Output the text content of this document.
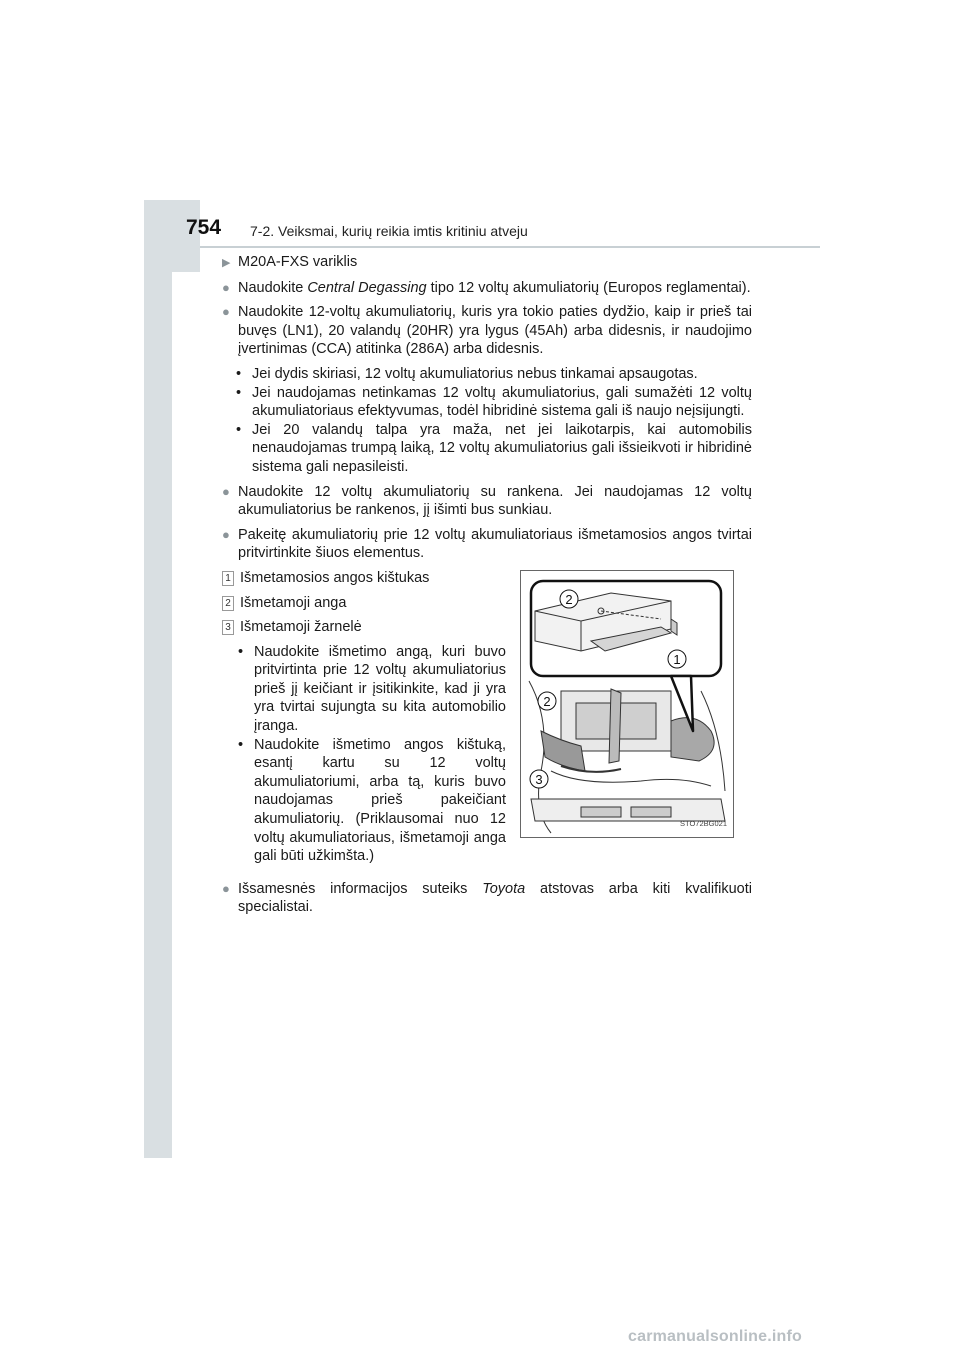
754 7-2. Veiksmai, kurių reikia imtis kritiniu atveju
▶ M20A-FXS variklis
● Naudokite Central Degassing tipo 12 voltų akumuliatorių (Europos reglamentai).
● Naudokite 12-voltų akumuliatorių, kuris yra tokio paties dydžio, kaip ir prieš tai buvęs (LN1), 20 valandų (20HR) yra lygus (45Ah) arba didesnis, ir naudojimo įvertinimas (CCA) atitinka (286A) arba didesnis.
• Jei dydis skiriasi, 12 voltų akumuliatorius nebus tinkamai apsaugotas.
• Jei naudojamas netinkamas 12 voltų akumuliatorius, gali sumažėti 12 voltų akumuliatoriaus efektyvumas, todėl hibridinė sistema gali iš naujo neįsijungti.
• Jei 20 valandų talpa yra maža, net jei laikotarpis, kai automobilis nenaudojamas trumpą laiką, 12 voltų akumuliatorius gali išsieikvoti ir hibridinė sistema gali nepasileisti.
● Naudokite 12 voltų akumuliatorių su rankena. Jei naudojamas 12 voltų akumuliatorius be rankenos, jį išimti bus sunkiau.
● Pakeitę akumuliatorių prie 12 voltų akumuliatoriaus išmetamosios angos tvirtai pritvirtinkite šiuos elementus.
1 Išmetamosios angos kištukas
2 Išmetamoji anga
3 Išmetamoji žarnelė
• Naudokite išmetimo angą, kuri buvo pritvirtinta prie 12 voltų akumuliatorius prieš jį keičiant ir įsitikinkite, kad ji yra yra tvirtai sujungta su kita automobilio įranga.
• Naudokite išmetimo angos kištuką, esantį kartu su 12 voltų akumuliatoriumi, arba tą, kuris buvo naudojamas prieš pakeičiant akumuliatorių. (Priklausomai nuo 12 voltų akumuliatoriaus, išmetamoji anga gali būti užkimšta.)
2
1
2
3
STO72BG021
● Išsamesnės informacijos suteiks Toyota atstovas arba kiti kvalifikuoti specialistai.
carmanualsonline.info
